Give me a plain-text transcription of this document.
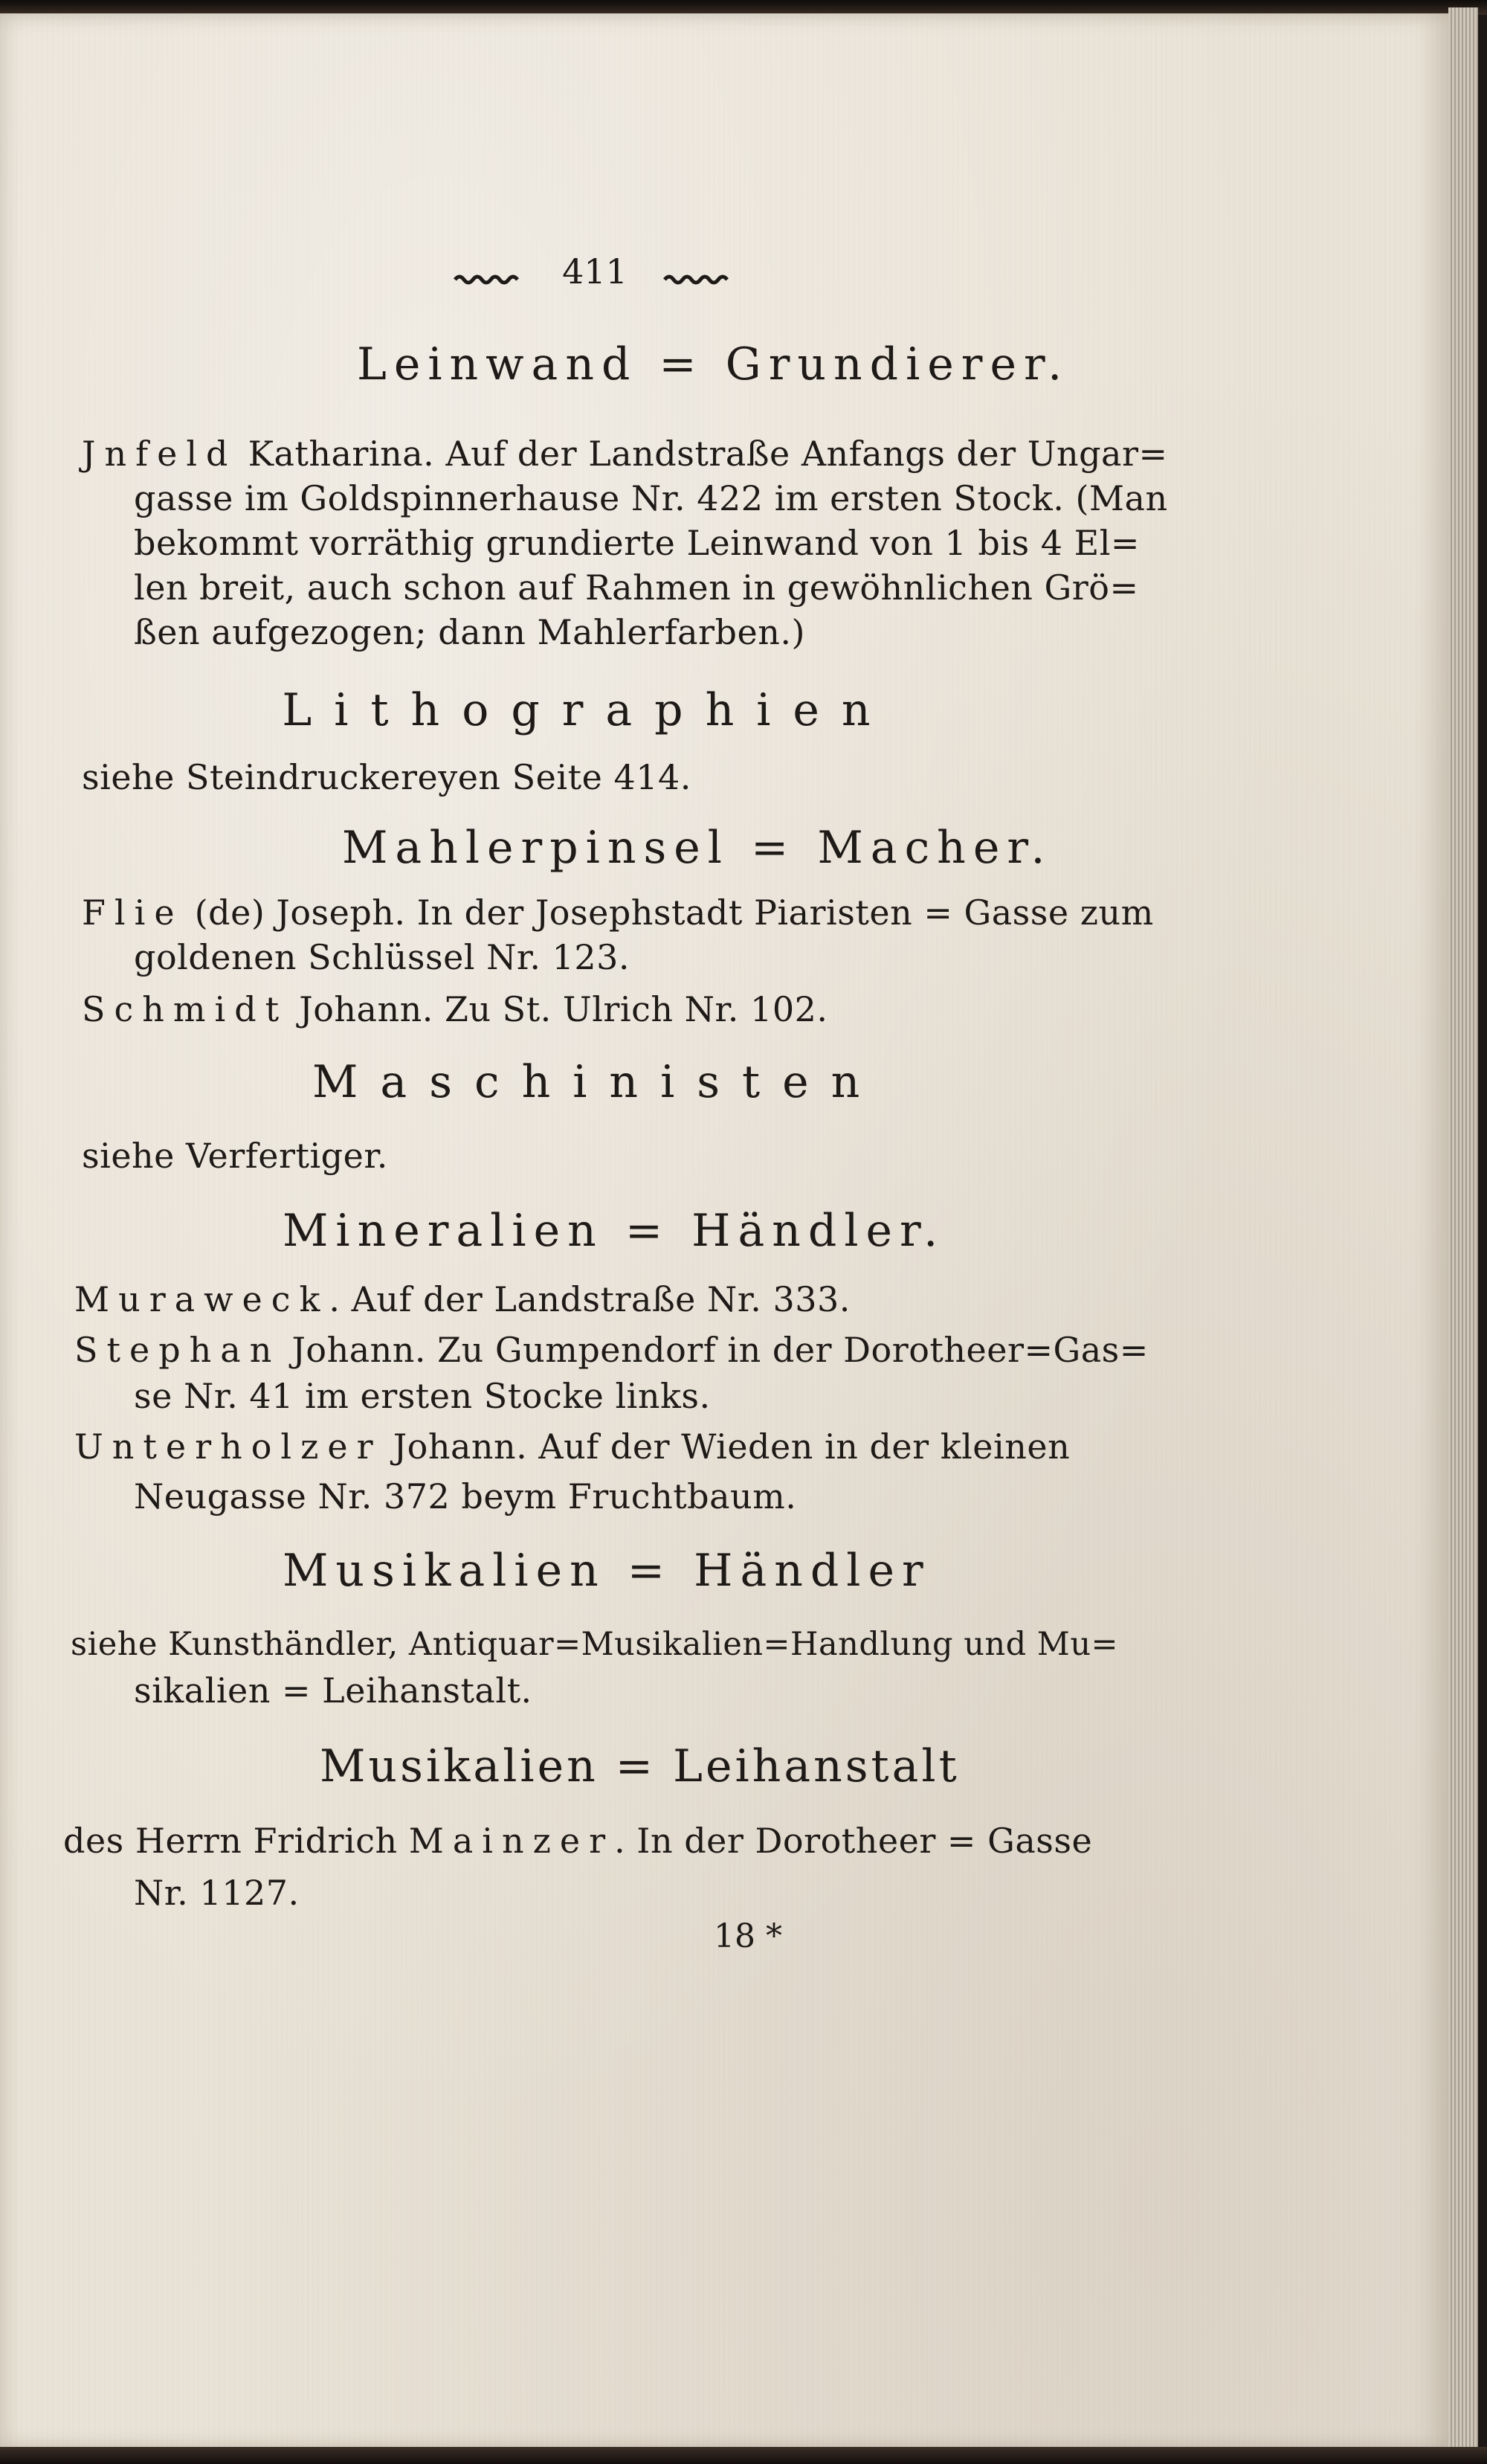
411
Leinwand = Grundierer.
Jnfeld Katharina. Auf der Landstraße Anfangs der Ungar=
gasse im Goldspinnerhause Nr. 422 im ersten Stock. (Man
bekommt vorräthig grundierte Leinwand von 1 bis 4 El=
len breit, auch schon auf Rahmen in gewöhnlichen Grö=
ßen aufgezogen; dann Mahlerfarben.)
Lithographien
siehe Steindruckereyen Seite 414.
Mahlerpinsel = Macher.
Flie (de) Joseph. In der Josephstadt Piaristen = Gasse zum
goldenen Schlüssel Nr. 123.
Schmidt Johann. Zu St. Ulrich Nr. 102.
Maschinisten
siehe Verfertiger.
Mineralien = Händler.
Muraweck. Auf der Landstraße Nr. 333.
Stephan Johann. Zu Gumpendorf in der Dorotheer=Gas=
se Nr. 41 im ersten Stocke links.
Unterholzer Johann. Auf der Wieden in der kleinen
Neugasse Nr. 372 beym Fruchtbaum.
Musikalien = Händler
siehe Kunsthändler, Antiquar=Musikalien=Handlung und Mu=
sikalien = Leihanstalt.
Musikalien = Leihanstalt
des Herrn Fridrich Mainzer. In der Dorotheer = Gasse
Nr. 1127.
18 *
